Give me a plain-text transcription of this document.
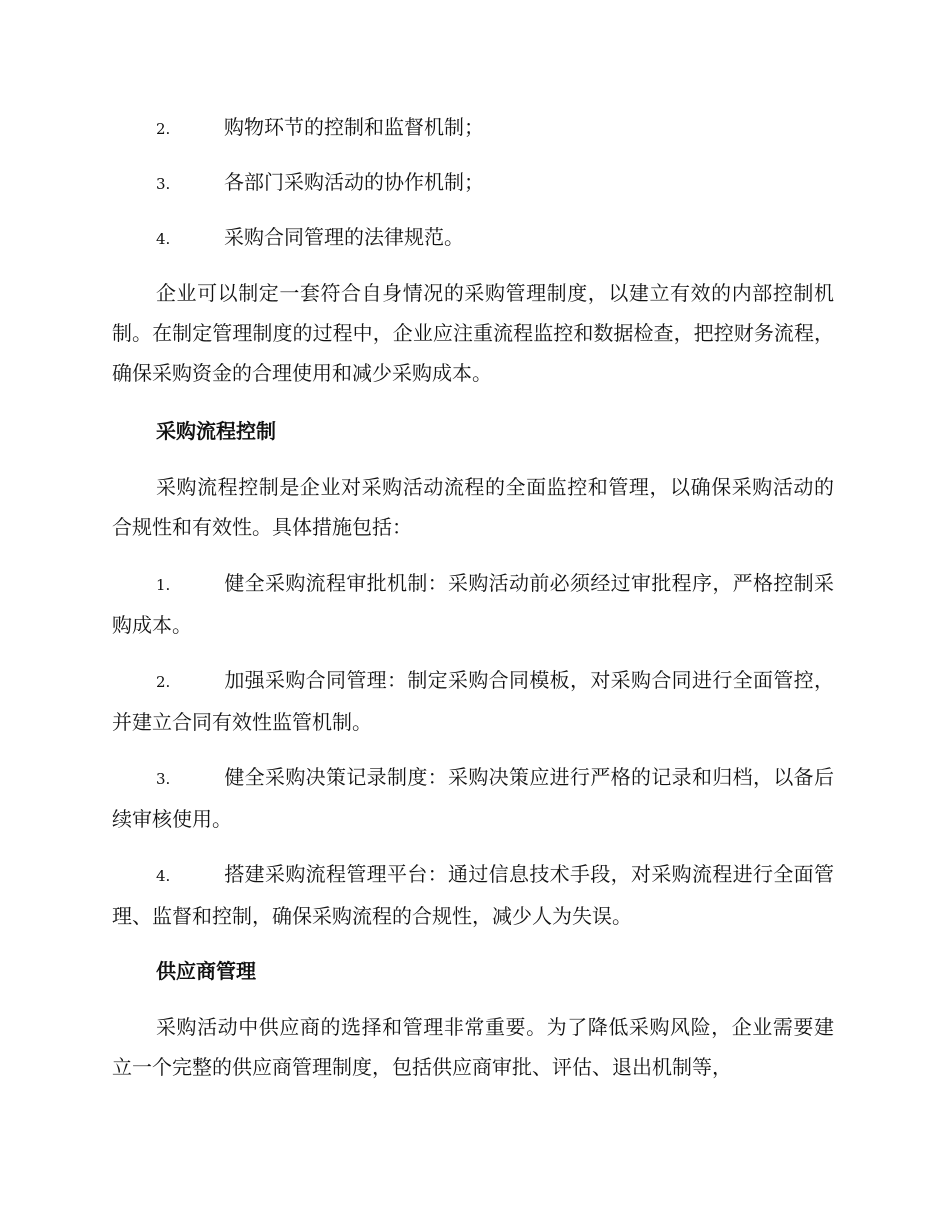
2.	购物环节的控制和监督机制；

3.	各部门采购活动的协作机制；

4.	采购合同管理的法律规范。

企业可以制定一套符合自身情况的采购管理制度，以建立有效的内部控制机制。在制定管理制度的过程中，企业应注重流程监控和数据检查，把控财务流程，确保采购资金的合理使用和减少采购成本。

采购流程控制

采购流程控制是企业对采购活动流程的全面监控和管理，以确保采购活动的合规性和有效性。具体措施包括：

1.	健全采购流程审批机制：采购活动前必须经过审批程序，严格控制采购成本。

2.	加强采购合同管理：制定采购合同模板，对采购合同进行全面管控，并建立合同有效性监管机制。

3.	健全采购决策记录制度：采购决策应进行严格的记录和归档，以备后续审核使用。

4.	搭建采购流程管理平台：通过信息技术手段，对采购流程进行全面管理、监督和控制，确保采购流程的合规性，减少人为失误。

供应商管理

采购活动中供应商的选择和管理非常重要。为了降低采购风险，企业需要建立一个完整的供应商管理制度，包括供应商审批、评估、退出机制等，
